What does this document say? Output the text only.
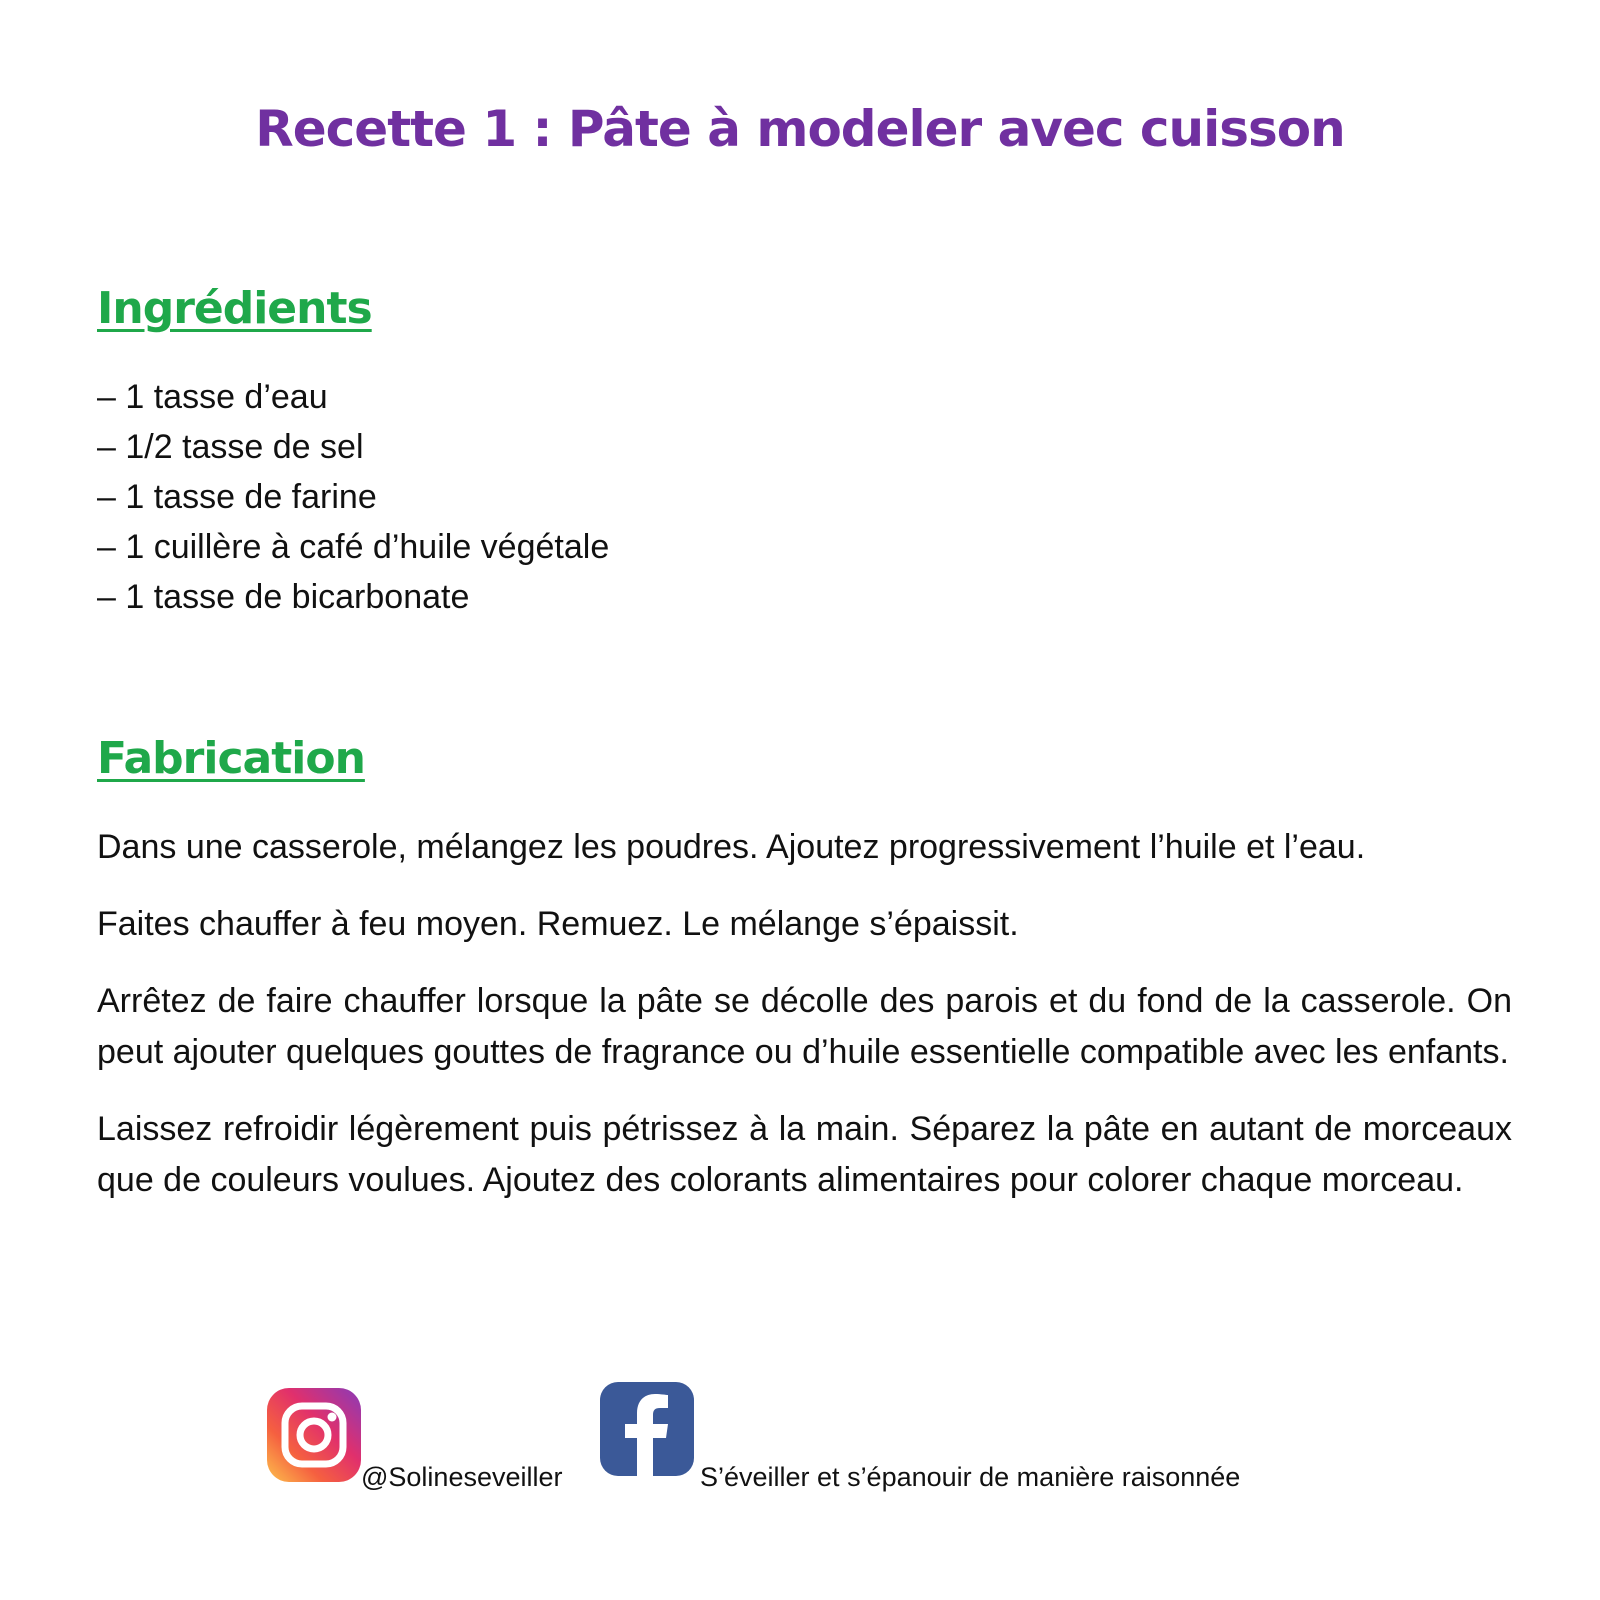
Recette 1 : Pâte à modeler avec cuisson
Ingrédients
– 1 tasse d’eau
– 1/2 tasse de sel
– 1 tasse de farine
– 1 cuillère à café d’huile végétale
– 1 tasse de bicarbonate
Fabrication

Dans une casserole, mélangez les poudres. Ajoutez progressivement l’huile et l’eau.

Faites chauffer à feu moyen. Remuez. Le mélange s’épaissit.

Arrêtez de faire chauffer lorsque la pâte se décolle des parois et du fond de la casserole. On peut ajouter quelques gouttes de fragrance ou d’huile essentielle compatible avec les enfants.

Laissez refroidir légèrement puis pétrissez à la main. Séparez la pâte en autant de morceaux que de couleurs voulues. Ajoutez des colorants alimentaires pour colorer chaque morceau.

@Solineseveiller	S’éveiller et s’épanouir de manière raisonnée
